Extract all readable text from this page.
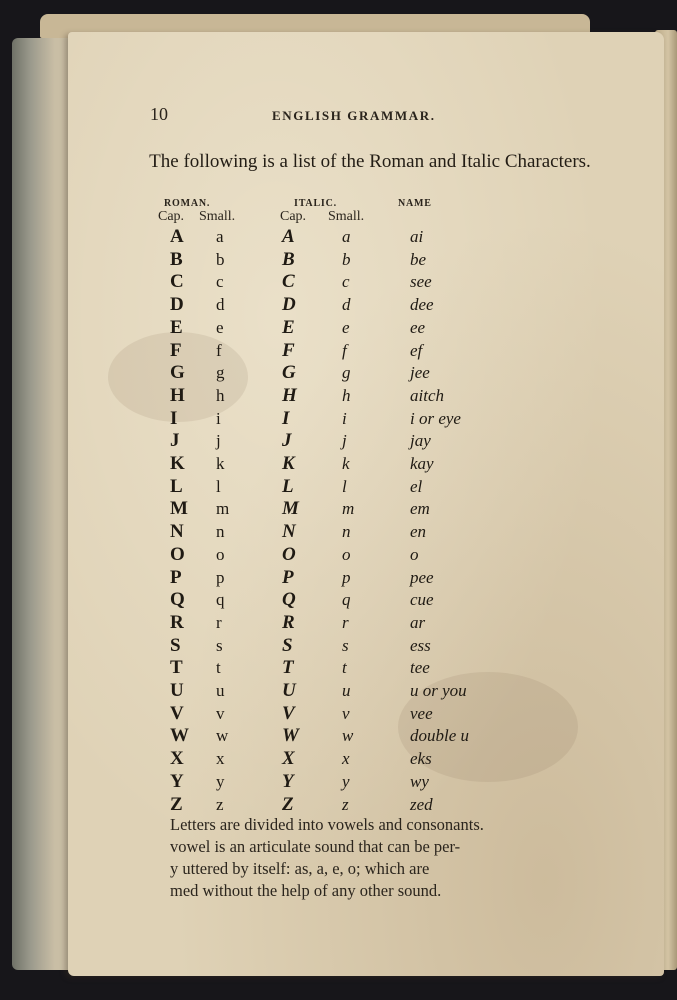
10	ENGLISH GRAMMAR.
The following is a list of the Roman and Italic Characters.
ROMAN.	ITALIC.	NAME
Cap. Small.	Cap. Small.
A a	A	a	ai
B b	B	b	be
C c	C	c	see
D d	D	d	dee
E e	E	e	ee
F f	F	f	ef
G g	G	g	jee
H h	H	h	aitch
I i	I	i	i or eye
J j	J	j	jay
K k	K	k	kay
L l	L	l	el
M m	M	m	em
N n	N	n	en
O o	O	o	o
P p	P	p	pee
Q q	Q	q	cue
R r	R	r	ar
S s	S	s	ess
T t	T	t	tee
U u	U	u	u or you
V v	V	v	vee
W w	W	w	double u
X x	X	x	eks
Y y	Y	y	wy
Z z	Z	z	zed

Letters are divided into vowels and consonants.

vowel is an articulate sound that can be per-

y uttered by itself: as, a, e, o; which are

med without the help of any other sound.
